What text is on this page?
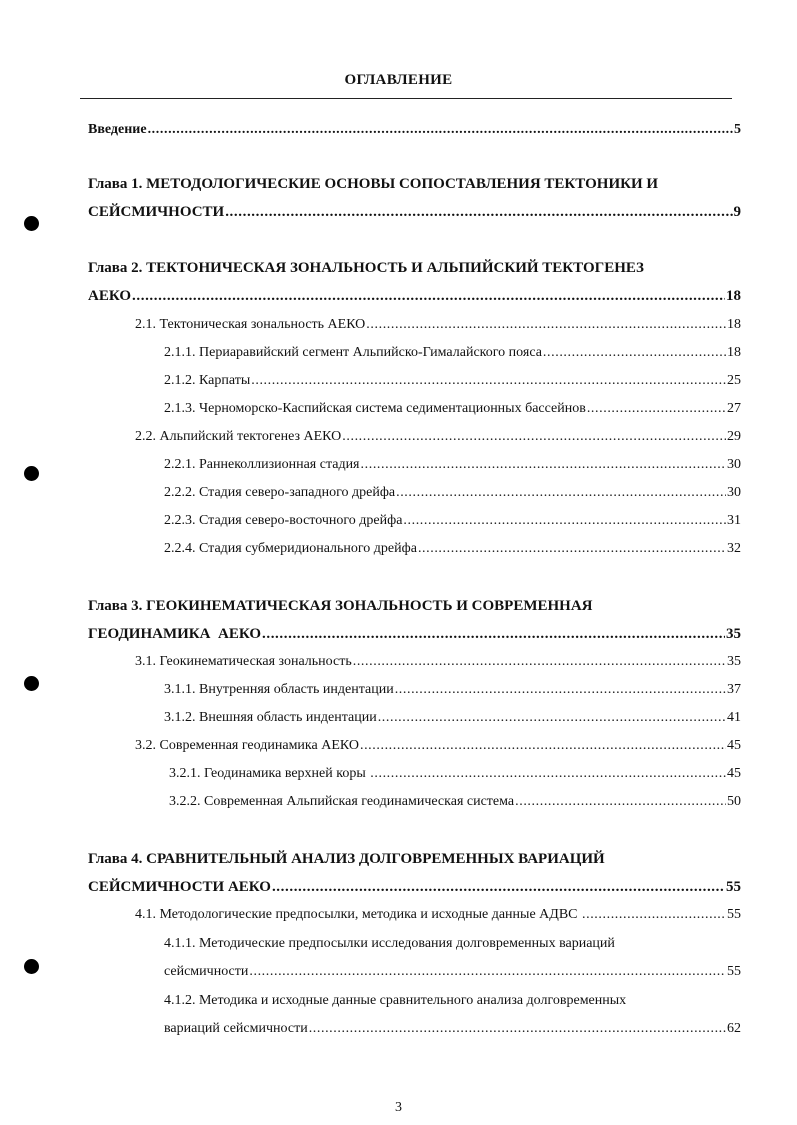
ОГЛАВЛЕНИЕ
Введение .....	5
Глава 1. МЕТОДОЛОГИЧЕСКИЕ ОСНОВЫ СОПОСТАВЛЕНИЯ ТЕКТОНИКИ И
СЕЙСМИЧНОСТИ .....	9
Глава 2. ТЕКТОНИЧЕСКАЯ ЗОНАЛЬНОСТЬ И АЛЬПИЙСКИЙ ТЕКТОГЕНЕЗ
АЕКО .....	18
2.1. Тектоническая зональность АЕКО .....	18
2.1.1. Периаравийский сегмент Альпийско-Гималайского пояса .....	18
2.1.2. Карпаты .....	25
2.1.3. Черноморско-Каспийская система седиментационных бассейнов .....	27
2.2. Альпийский тектогенез АЕКО .....	29
2.2.1. Раннеколлизионная стадия .....	30
2.2.2. Стадия северо-западного дрейфа .....	30
2.2.3. Стадия северо-восточного дрейфа .....	31
2.2.4. Стадия субмеридионального дрейфа .....	32
Глава 3. ГЕОКИНЕМАТИЧЕСКАЯ ЗОНАЛЬНОСТЬ И СОВРЕМЕННАЯ
ГЕОДИНАМИКА  АЕКО .....	35
3.1. Геокинематическая зональность .....	35
3.1.1. Внутренняя область индентации .....	37
3.1.2. Внешняя область индентации .....	41
3.2. Современная геодинамика АЕКО .....	45
3.2.1. Геодинамика верхней коры .....	45
3.2.2. Современная Альпийская геодинамическая система .....	50
Глава 4. СРАВНИТЕЛЬНЫЙ АНАЛИЗ ДОЛГОВРЕМЕННЫХ ВАРИАЦИЙ
СЕЙСМИЧНОСТИ АЕКО .....	55
4.1. Методологические предпосылки, методика и исходные данные АДВС .....	55
4.1.1. Методические предпосылки исследования долговременных вариаций
сейсмичности .....	55
4.1.2. Методика и исходные данные сравнительного анализа долговременных
вариаций сейсмичности .....	62
3
